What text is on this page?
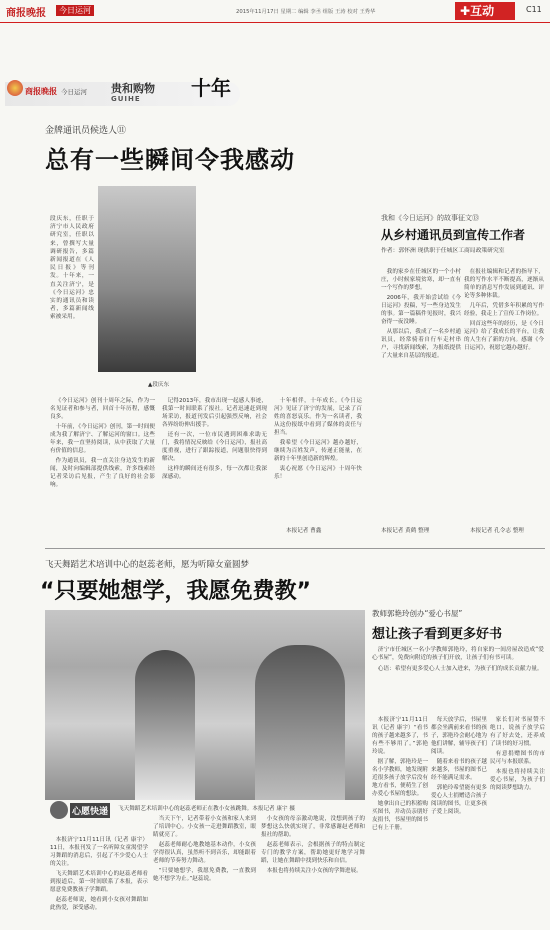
商报晚报	今日运河	2015年11月17日 星期二 编辑 李丞 组版 王涛 校对 王秀华	✚互动	C11
商报晚报 今日运河 贵和购物
GUIHE	十年
金牌通讯员候选人⑪
总有一些瞬间令我感动
段庆东，任职于济宁市人民政府研究室，任职以来，曾撰写大量调研报告，多篇新闻报道在《人民日报》等刊发。十年来，一直关注济宁，是《今日运河》忠实的通讯员和读者，多篇新闻线索被采用。
▲段庆东

《今日运河》创刊十周年之际，作为一名见证者和参与者，回首十年历程，感慨良多。

十年前，《今日运河》创刊，第一时间便成为我了解济宁、了解运河的窗口。这些年来，我一直坚持阅读，从中获取了大量有价值的信息。

作为通讯员，我一直关注身边发生的新闻，及时向编辑部提供线索，许多线索经记者采访后见报，产生了良好的社会影响。

记得2013年，我市出现一起感人事迹，我第一时间联系了报社。记者迅速赶到现场采访，报道刊发后引起强烈反响，社会各界纷纷伸出援手。

还有一次，一位市民遇到困难求助无门，我将情况反映给《今日运河》，报社高度重视，进行了跟踪报道，问题很快得到解决。

这样的瞬间还有很多，每一次都让我深深感动。

十年相伴，十年成长。《今日运河》见证了济宁的发展，记录了百姓的喜怒哀乐。作为一名读者，我从这份报纸中看到了媒体的责任与担当。

我希望《今日运河》越办越好，继续为百姓发声，传递正能量，在新的十年里创造新的辉煌。

衷心祝愿《今日运河》十周年快乐！

本报记者 曹鑫
我和《今日运河》的故事征文⑬
从乡村通讯员到宣传工作者
作者：郭怀洲 现供职于任城区工商局政策研究室

我的家乡在任城区的一个小村庄，小时候家境贫寒，却一直有一个写作的梦想。

2006年，我开始尝试给《今日运河》投稿，写一些身边发生的事。第一篇稿件见报时，我兴奋得一夜没睡。

从那以后，我成了一名乡村通讯员，经常骑着自行车走村串户，寻找新闻线索，为报纸提供了大量来自基层的报道。

在报社编辑和记者的指导下，我的写作水平不断提高，逐渐从简单的消息写作发展到通讯、评论等多种体裁。

几年后，凭借多年积累的写作经验，我走上了宣传工作岗位。

回首这些年的经历，是《今日运河》给了我成长的平台，让我的人生有了新的方向。感谢《今日运河》，祝愿它越办越好。

本报记者 黄鹤 整理	本报记者 孔令志 整理
飞天舞蹈艺术培训中心的赵蕊老师，愿为听障女童圆梦
“只要她想学，我愿免费教”
飞天舞蹈艺术培训中心的赵蕊老师正在教小女孩跳舞。本报记者 康宇 摄
心愿快递

本报济宁11月11日讯（记者 康宇）11日，本报刊发了一名听障女童渴望学习舞蹈的消息后，引起了不少爱心人士的关注。

飞天舞蹈艺术培训中心的赵蕊老师看到报道后，第一时间联系了本报，表示愿意免费教孩子学舞蹈。

赵蕊老师说，她看到小女孩对舞蹈如此热爱，深受感动。

当天下午，记者带着小女孩和家人来到了培训中心。小女孩一走进舞蹈教室，眼睛就亮了。

赵蕊老师耐心地教她基本动作，小女孩学得很认真，虽然听不到音乐，却能跟着老师的节奏努力舞动。

“只要她想学，我愿免费教，一直教到她不想学为止。”赵蕊说。

小女孩的母亲激动地说，没想到孩子的梦想这么快就实现了，非常感谢赵老师和报社的帮助。

赵蕊老师表示，会根据孩子的特点制定专门的教学方案，帮助她更好地学习舞蹈，让她在舞蹈中找到快乐和自信。

本报也将持续关注小女孩的学舞进展。

教师郭艳玲创办“爱心书屋”
想让孩子看到更多好书

济宁市任城区一名小学教师郭艳玲，将自家的一间房屋改造成“爱心书屋”，免费向附近的孩子们开放，让孩子们有书可读。

心语：希望有更多爱心人士加入进来，为孩子们的成长贡献力量。

本报济宁11月11日讯（记者 康宇）“看书的孩子越来越多了，书有些不够用了。”郭艳玲说。

据了解，郭艳玲是一名小学教师，她发现附近很多孩子放学后没有地方看书，便萌生了创办爱心书屋的想法。

她拿出自己的积蓄购买图书，并动员亲朋好友捐书，书屋里的图书已有上千册。

每天放学后，书屋里都会坐满前来看书的孩子，郭艳玲会耐心地为他们讲解，辅导孩子们阅读。

随着来看书的孩子越来越多，书屋的图书已经不能满足需求。

郭艳玲希望能有更多爱心人士捐赠适合孩子阅读的图书，让更多孩子爱上阅读。

家长们对书屋赞不绝口，说孩子放学后有了好去处，还养成了读书的好习惯。

有意捐赠图书的市民可与本报联系。

本报也将持续关注爱心书屋，为孩子们的阅读梦想助力。
